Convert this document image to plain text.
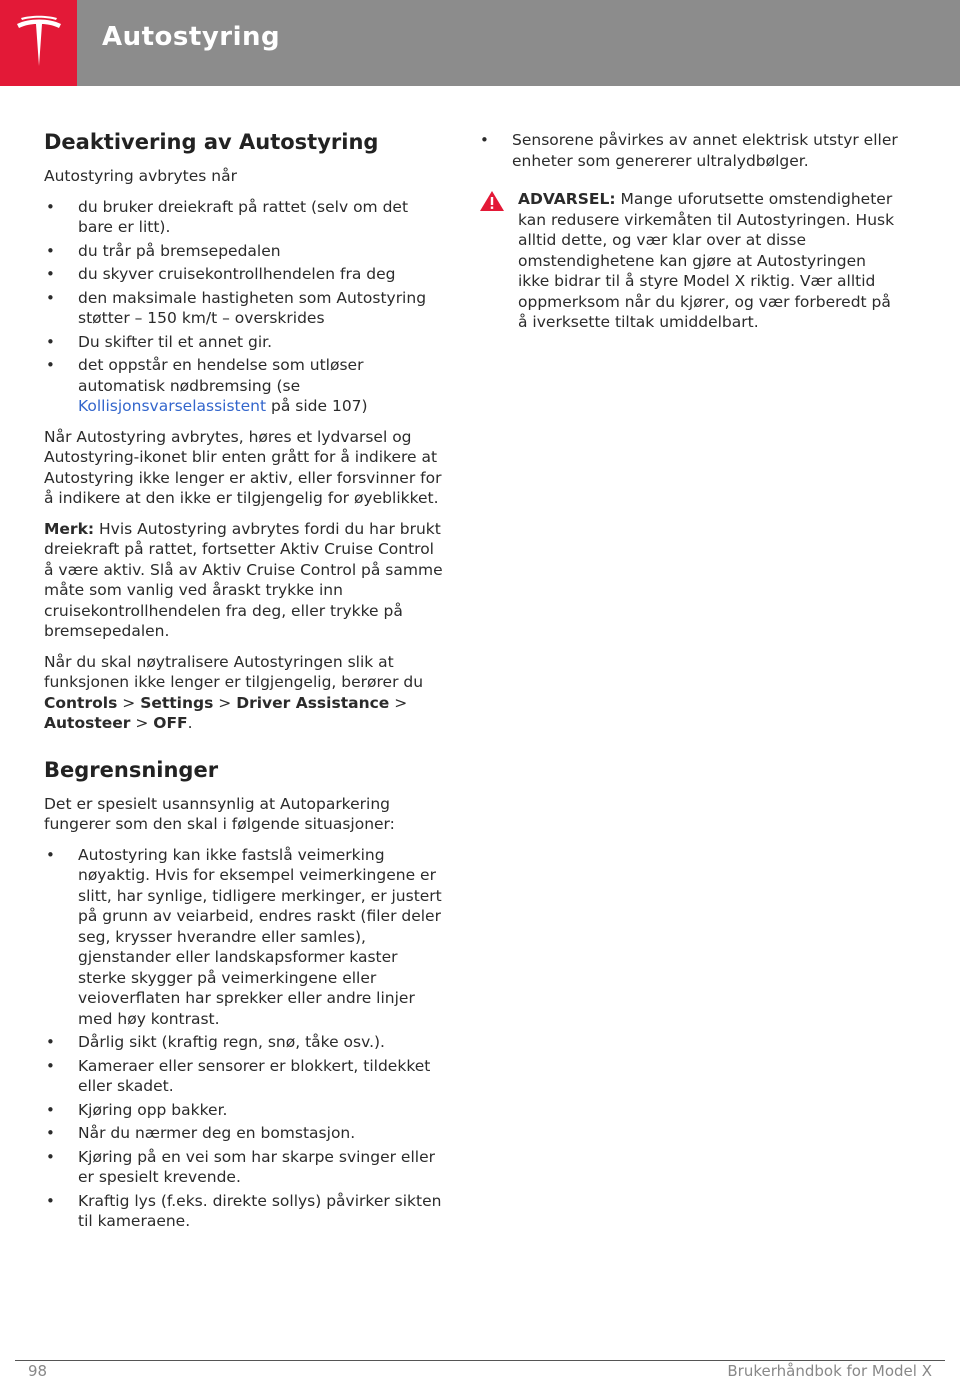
Autostyring
Deaktivering av Autostyring

Autostyring avbrytes når

• du bruker dreiekraft på rattet (selv om det bare er litt).
• du trår på bremsepedalen
• du skyver cruisekontrollhendelen fra deg
• den maksimale hastigheten som Autostyring støtter – 150 km/t – overskrides
• Du skifter til et annet gir.
• det oppstår en hendelse som utløser automatisk nødbremsing (se Kollisjonsvarselassistent på side 107)

Når Autostyring avbrytes, høres et lydvarsel og Autostyring-ikonet blir enten grått for å indikere at Autostyring ikke lenger er aktiv, eller forsvinner for å indikere at den ikke er tilgjengelig for øyeblikket.

Merk: Hvis Autostyring avbrytes fordi du har brukt dreiekraft på rattet, fortsetter Aktiv Cruise Control å være aktiv. Slå av Aktiv Cruise Control på samme måte som vanlig ved åraskt trykke inn cruisekontrollhendelen fra deg, eller trykke på bremsepedalen.

Når du skal nøytralisere Autostyringen slik at funksjonen ikke lenger er tilgjengelig, berører du Controls > Settings > Driver Assistance > Autosteer > OFF.

Begrensninger

Det er spesielt usannsynlig at Autoparkering fungerer som den skal i følgende situasjoner:

• Autostyring kan ikke fastslå veimerking nøyaktig. Hvis for eksempel veimerkingene er slitt, har synlige, tidligere merkinger, er justert på grunn av veiarbeid, endres raskt (filer deler seg, krysser hverandre eller samles), gjenstander eller landskapsformer kaster sterke skygger på veimerkingene eller veioverflaten har sprekker eller andre linjer med høy kontrast.
• Dårlig sikt (kraftig regn, snø, tåke osv.).
• Kameraer eller sensorer er blokkert, tildekket eller skadet.
• Kjøring opp bakker.
• Når du nærmer deg en bomstasjon.
• Kjøring på en vei som har skarpe svinger eller er spesielt krevende.
• Kraftig lys (f.eks. direkte sollys) påvirker sikten til kameraene.
• Sensorene påvirkes av annet elektrisk utstyr eller enheter som genererer ultralydbølger.
ADVARSEL: Mange uforutsette omstendigheter kan redusere virkemåten til Autostyringen. Husk alltid dette, og vær klar over at disse omstendighetene kan gjøre at Autostyringen ikke bidrar til å styre Model X riktig. Vær alltid oppmerksom når du kjører, og vær forberedt på å iverksette tiltak umiddelbart.
98	Brukerhåndbok for Model X
